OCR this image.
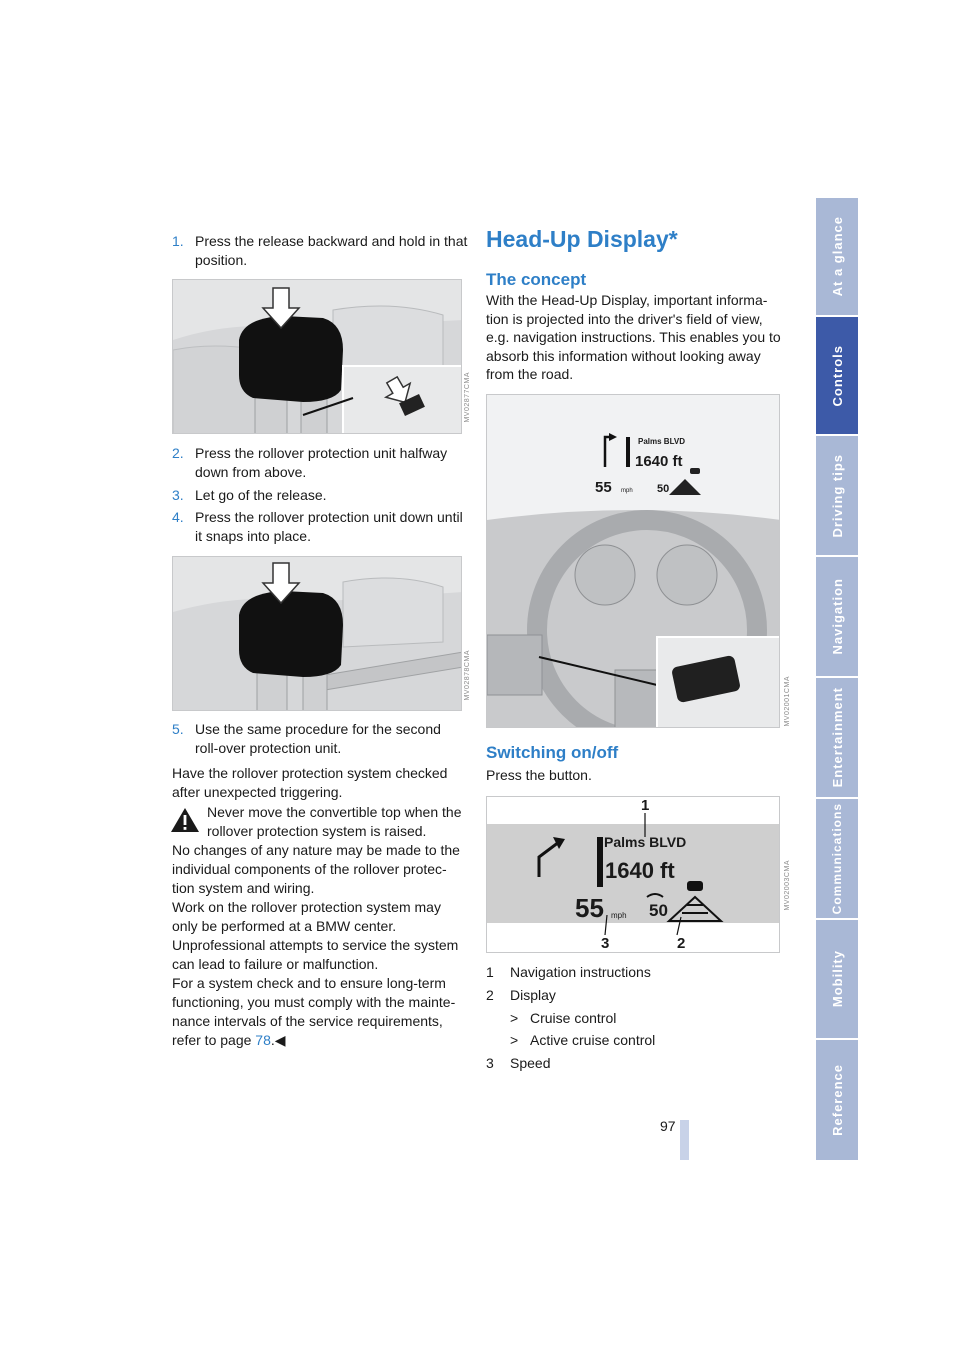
1. Press the release backward and hold in that position.
MV02877CMA
2. Press the rollover protection unit halfway down from above.
3. Let go of the release.
4. Press the rollover protection unit down until it snaps into place.
MV02878CMA
5. Use the same procedure for the second roll-over protection unit.
Have the rollover protection system checked after unexpected triggering.
Never move the convertible top when the rollover protection system is raised.
No changes of any nature may be made to the individual components of the rollover protec-tion system and wiring.
Work on the rollover protection system may only be performed at a BMW center.
Unprofessional attempts to service the system can lead to failure or malfunction.
For a system check and to ensure long-term functioning, you must comply with the mainte-nance intervals of the service requirements, refer to page 78.◀
Head-Up Display*
The concept
With the Head-Up Display, important informa-tion is projected into the driver's field of view, e.g. navigation instructions. This enables you to absorb this information without looking away from the road.
Palms BLVD
1640 ft
55 mph 50
MV02001CMA
Switching on/off
Press the button.
Palms BLVD
1640 ft
55 mph 50
1
2
3
MV02003CMA
1 Navigation instructions
2 Display
> Cruise control
> Active cruise control
3 Speed
97
At a glance
Controls
Driving tips
Navigation
Entertainment
Communications
Mobility
Reference
